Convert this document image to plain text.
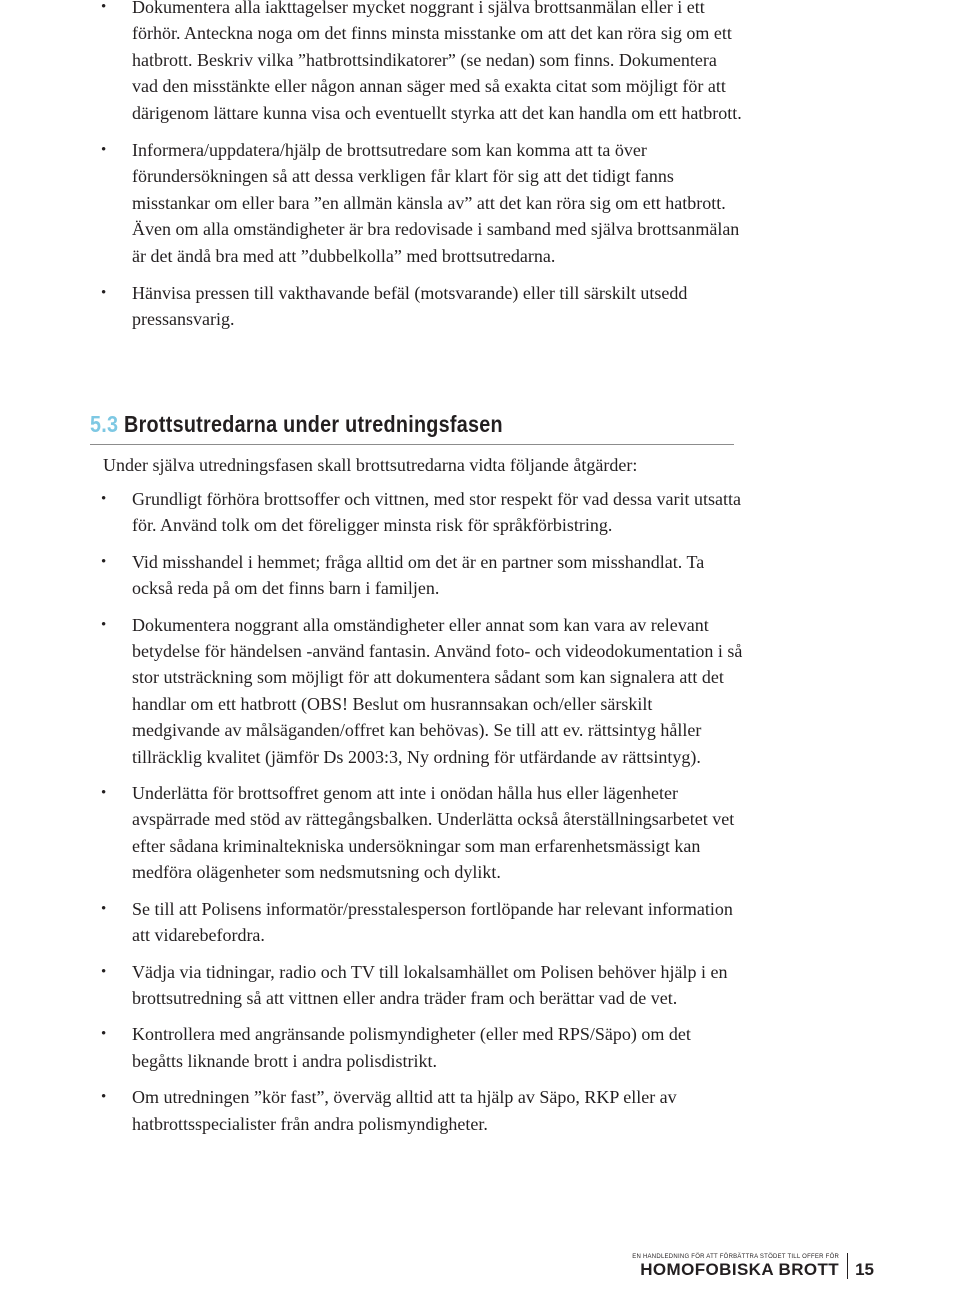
• Dokumentera alla iakttagelser mycket noggrant i själva brottsanmälan eller i ett förhör. Anteckna noga om det finns minsta misstanke om att det kan röra sig om ett hatbrott. Beskriv vilka ”hatbrottsindikatorer” (se nedan) som finns. Dokumentera vad den misstänkte eller någon annan säger med så exakta citat som möjligt för att därigenom lättare kunna visa och eventuellt styrka att det kan handla om ett hatbrott.
• Informera/uppdatera/hjälp de brottsutredare som kan komma att ta över förundersökningen så att dessa verkligen får klart för sig att det tidigt fanns misstankar om eller bara ”en allmän känsla av” att det kan röra sig om ett hatbrott. Även om alla omständigheter är bra redovisade i samband med själva brottsanmälan är det ändå bra med att ”dubbelkolla” med brottsutredarna.
• Hänvisa pressen till vakthavande befäl (motsvarande) eller till särskilt utsedd pressansvarig.
5.3 Brottsutredarna under utredningsfasen

Under själva utredningsfasen skall brottsutredarna vidta följande åtgärder:

• Grundligt förhöra brottsoffer och vittnen, med stor respekt för vad dessa varit utsatta för. Använd tolk om det föreligger minsta risk för språkförbistring.
• Vid misshandel i hemmet; fråga alltid om det är en partner som misshandlat. Ta också reda på om det finns barn i familjen.
• Dokumentera noggrant alla omständigheter eller annat som kan vara av relevant betydelse för händelsen -använd fantasin. Använd foto- och videodokumentation i så stor utsträckning som möjligt för att dokumentera sådant som kan signalera att det handlar om ett hatbrott (OBS! Beslut om husrannsakan och/eller särskilt medgivande av målsäganden/offret kan behövas). Se till att ev. rättsintyg håller tillräcklig kvalitet (jämför Ds 2003:3, Ny ordning för utfärdande av rättsintyg).
• Underlätta för brottsoffret genom att inte i onödan hålla hus eller lägenheter avspärrade med stöd av rättegångsbalken. Underlätta också återställningsarbetet vet efter sådana kriminaltekniska undersökningar som man erfarenhetsmässigt kan medföra olägenheter som nedsmutsning och dylikt.
• Se till att Polisens informatör/presstalesperson fortlöpande har relevant information att vidarebefordra.
• Vädja via tidningar, radio och TV till lokalsamhället om Polisen behöver hjälp i en brottsutredning så att vittnen eller andra träder fram och berättar vad de vet.
• Kontrollera med angränsande polismyndigheter (eller med RPS/Säpo) om det begåtts liknande brott i andra polisdistrikt.
• Om utredningen ”kör fast”, överväg alltid att ta hjälp av Säpo, RKP eller av hatbrottsspecialister från andra polismyndigheter.
EN HANDLEDNING FÖR ATT FÖRBÄTTRA STÖDET TILL OFFER FÖR
HOMOFOBISKA BROTT 15
